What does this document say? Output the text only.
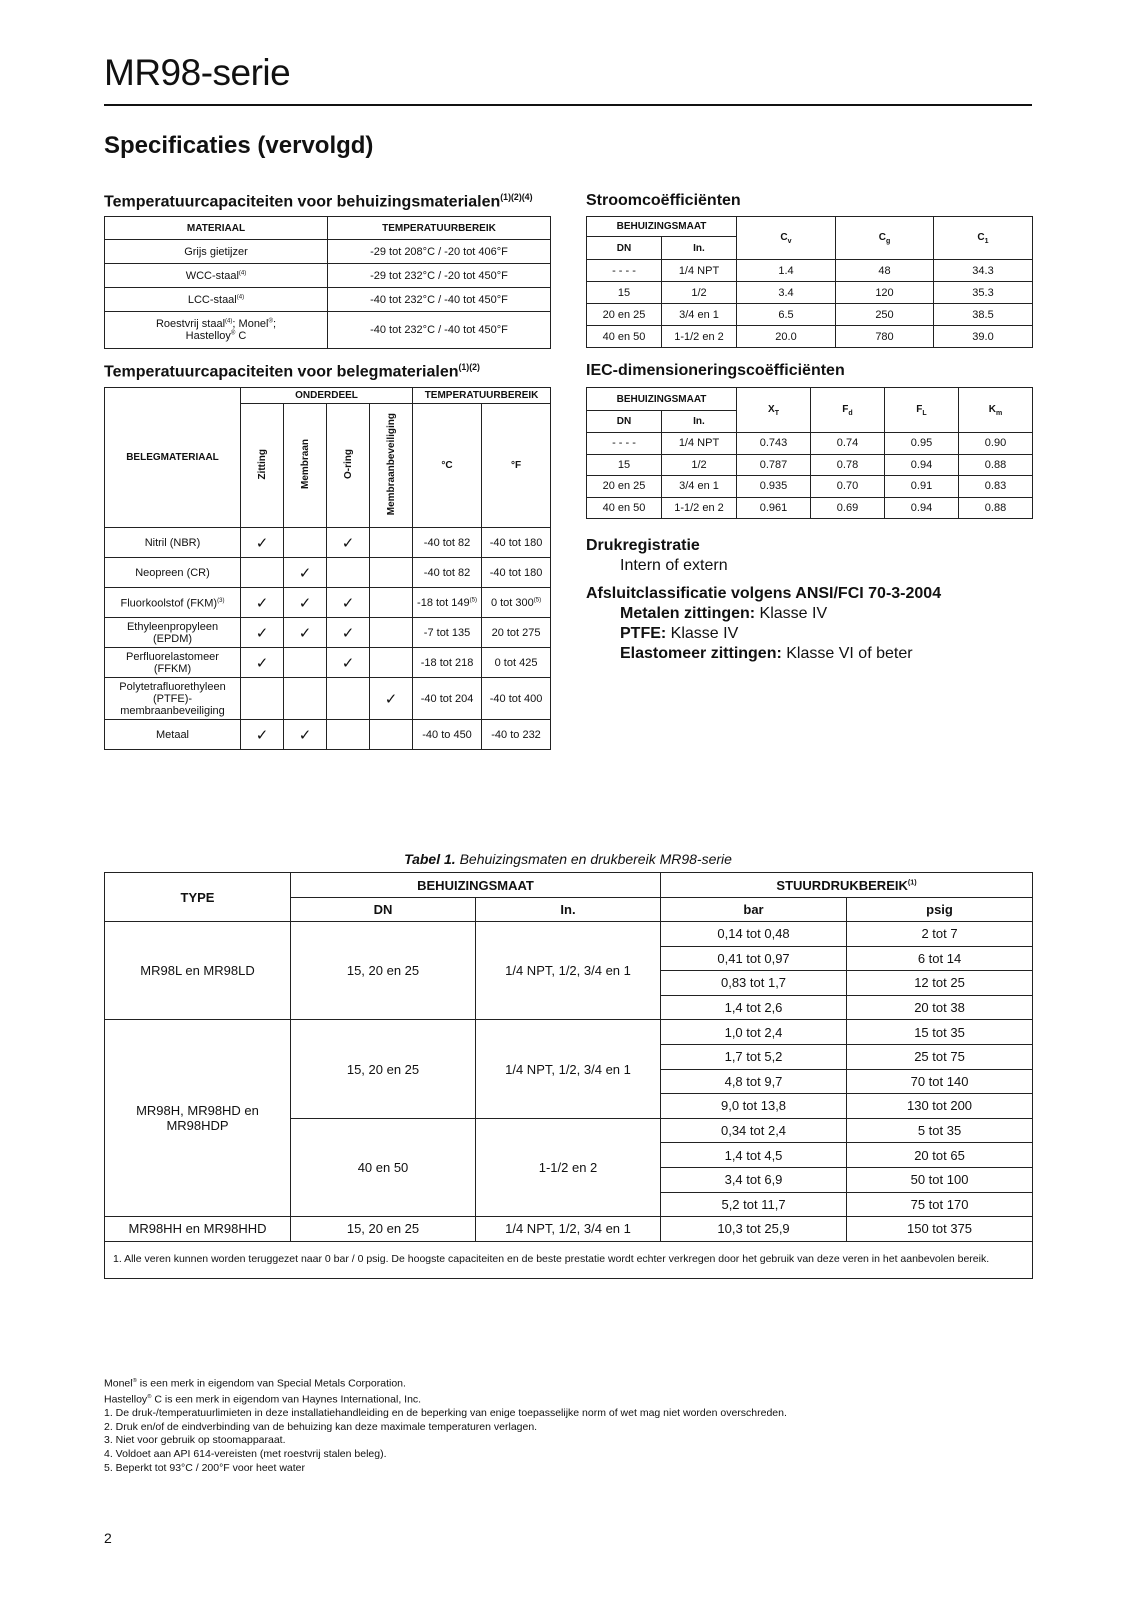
MR98-serie
Specificaties (vervolgd)
Temperatuurcapaciteiten voor behuizingsmaterialen$^{(1)(2)(4)}$
MATERIAAL	TEMPERATUURBEREIK
Grijs gietijzer	-29 tot 208°C / -20 tot 406°F
WCC-staal$^{(4)}$	-29 tot 232°C / -20 tot 450°F
LCC-staal$^{(4)}$	-40 tot 232°C / -40 tot 450°F
Roestvrij staal$^{(4)}$; Monel®;
Hastelloy® C	-40 tot 232°C / -40 tot 450°F
Temperatuurcapaciteiten voor belegmaterialen$^{(1)(2)}$
BELEGMATERIAAL	ONDERDEEL				TEMPERATUURBEREIK	
	Zitting	Membraan	O-ring	Membraanbeveiliging	°C	°F
Nitril (NBR)	✓		✓		-40 tot 82	-40 tot 180
Neopreen (CR)		✓			-40 tot 82	-40 tot 180
Fluorkoolstof (FKM)$^{(3)}$	✓	✓	✓		-18 tot 149$^{(5)}$	0 tot 300$^{(5)}$
Ethyleenpropyleen (EPDM)	✓	✓	✓		-7 tot 135	20 tot 275
Perfluorelastomeer (FFKM)	✓		✓		-18 tot 218	0 tot 425
Polytetrafluorethyleen (PTFE)-membraanbeveiliging				✓	-40 tot 204	-40 tot 400
Metaal	✓	✓			-40 to 450	-40 to 232
Stroomcoëfficiënten
BEHUIZINGSMAAT		$C_v$	$C_g$	$C_1$
DN	In.			
- - - -	1/4 NPT	1.4	48	34.3
15	1/2	3.4	120	35.3
20 en 25	3/4 en 1	6.5	250	38.5
40 en 50	1-1/2 en 2	20.0	780	39.0
IEC-dimensioneringscoëfficiënten
BEHUIZINGSMAAT		$X_T$	$F_d$	$F_L$	$K_m$
DN	In.				
- - - -	1/4 NPT	0.743	0.74	0.95	0.90
15	1/2	0.787	0.78	0.94	0.88
20 en 25	3/4 en 1	0.935	0.70	0.91	0.83
40 en 50	1-1/2 en 2	0.961	0.69	0.94	0.88
Drukregistratie
Intern of extern
Afsluitclassificatie volgens ANSI/FCI 70-3-2004
Metalen zittingen: Klasse IV
PTFE: Klasse IV
Elastomeer zittingen: Klasse VI of beter

Tabel 1. Behuizingsmaten en drukbereik MR98-serie

TYPE	BEHUIZINGSMAAT		STUURDRUKBEREIK$^{(1)}$
	DN	In.	bar	psig
MR98L en MR98LD	15, 20 en 25	1/4 NPT, 1/2, 3/4 en 1	0,14 tot 0,48	2 tot 7
			0,41 tot 0,97	6 tot 14
			0,83 tot 1,7	12 tot 25
			1,4 tot 2,6	20 tot 38
MR98H, MR98HD en MR98HDP	15, 20 en 25	1/4 NPT, 1/2, 3/4 en 1	1,0 tot 2,4	15 tot 35
			1,7 tot 5,2	25 tot 75
			4,8 tot 9,7	70 tot 140
			9,0 tot 13,8	130 tot 200
	40 en 50	1-1/2 en 2	0,34 tot 2,4	5 tot 35
			1,4 tot 4,5	20 tot 65
			3,4 tot 6,9	50 tot 100
			5,2 tot 11,7	75 tot 170
MR98HH en MR98HHD	15, 20 en 25	1/4 NPT, 1/2, 3/4 en 1	10,3 tot 25,9	150 tot 375
1. Alle veren kunnen worden teruggezet naar 0 bar / 0 psig. De hoogste capaciteiten en de beste prestatie wordt echter verkregen door het gebruik van deze veren in het aanbevolen bereik.				
Monel® is een merk in eigendom van Special Metals Corporation.
Hastelloy® C is een merk in eigendom van Haynes International, Inc.
1. De druk-/temperatuurlimieten in deze installatiehandleiding en de beperking van enige toepasselijke norm of wet mag niet worden overschreden.
2. Druk en/of de eindverbinding van de behuizing kan deze maximale temperaturen verlagen.
3. Niet voor gebruik op stoomapparaat.
4. Voldoet aan API 614-vereisten (met roestvrij stalen beleg).
5. Beperkt tot 93°C / 200°F voor heet water
2
